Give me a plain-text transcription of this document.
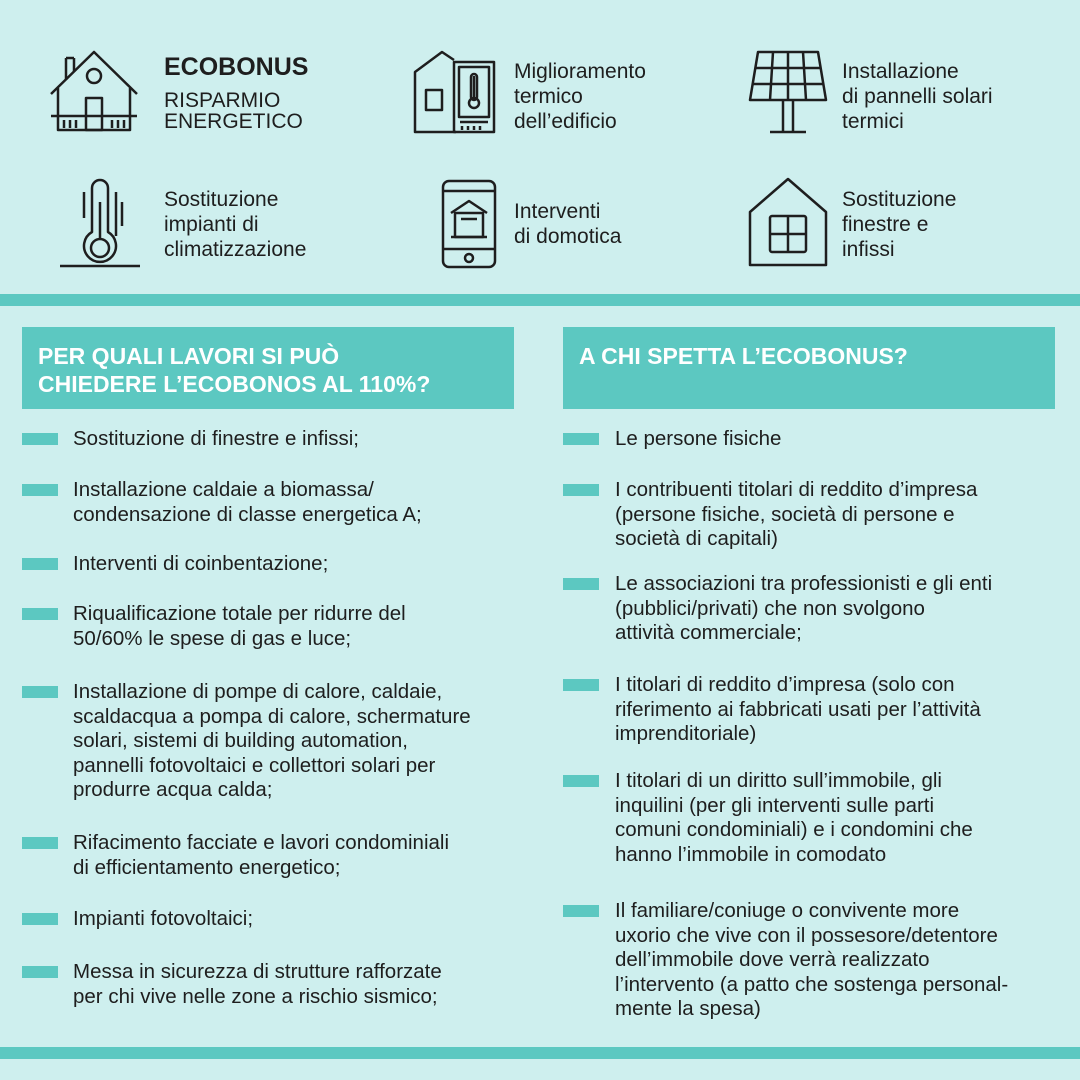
ECOBONUS
RISPARMIO
ENERGETICO
Miglioramento
termico
dell’edificio
Installazione
di pannelli solari
termici
Sostituzione
impianti di
climatizzazione
Interventi
di domotica
Sostituzione
finestre e
infissi
PER QUALI LAVORI SI PUÒ
CHIEDERE L’ECOBONOS AL 110%?
Sostituzione di finestre e infissi;
Installazione caldaie a biomassa/
condensazione di classe energetica A;
Interventi di coinbentazione;
Riqualificazione totale per ridurre del
50/60% le spese di gas e luce;
Installazione di pompe di calore, caldaie,
scaldacqua a pompa di calore, schermature
solari, sistemi di building automation,
pannelli fotovoltaici e collettori solari per
produrre acqua calda;
Rifacimento facciate e lavori condominiali
di efficientamento energetico;
Impianti fotovoltaici;
Messa in sicurezza di strutture rafforzate
per chi vive nelle zone a rischio sismico;
A CHI SPETTA L’ECOBONUS?
Le persone fisiche
I contribuenti titolari di reddito d’impresa
(persone fisiche, società di persone e
società di capitali)
Le associazioni tra professionisti e gli enti
(pubblici/privati) che non svolgono
attività commerciale;
I titolari di reddito d’impresa (solo con
riferimento ai fabbricati usati per l’attività
imprenditoriale)
I titolari di un diritto sull’immobile, gli
inquilini (per gli interventi sulle parti
comuni condominiali) e i condomini che
hanno l’immobile in comodato
Il familiare/coniuge o convivente more
uxorio che vive con il possesore/detentore
dell’immobile dove verrà realizzato
l’intervento (a patto che sostenga personal-
mente la spesa)
